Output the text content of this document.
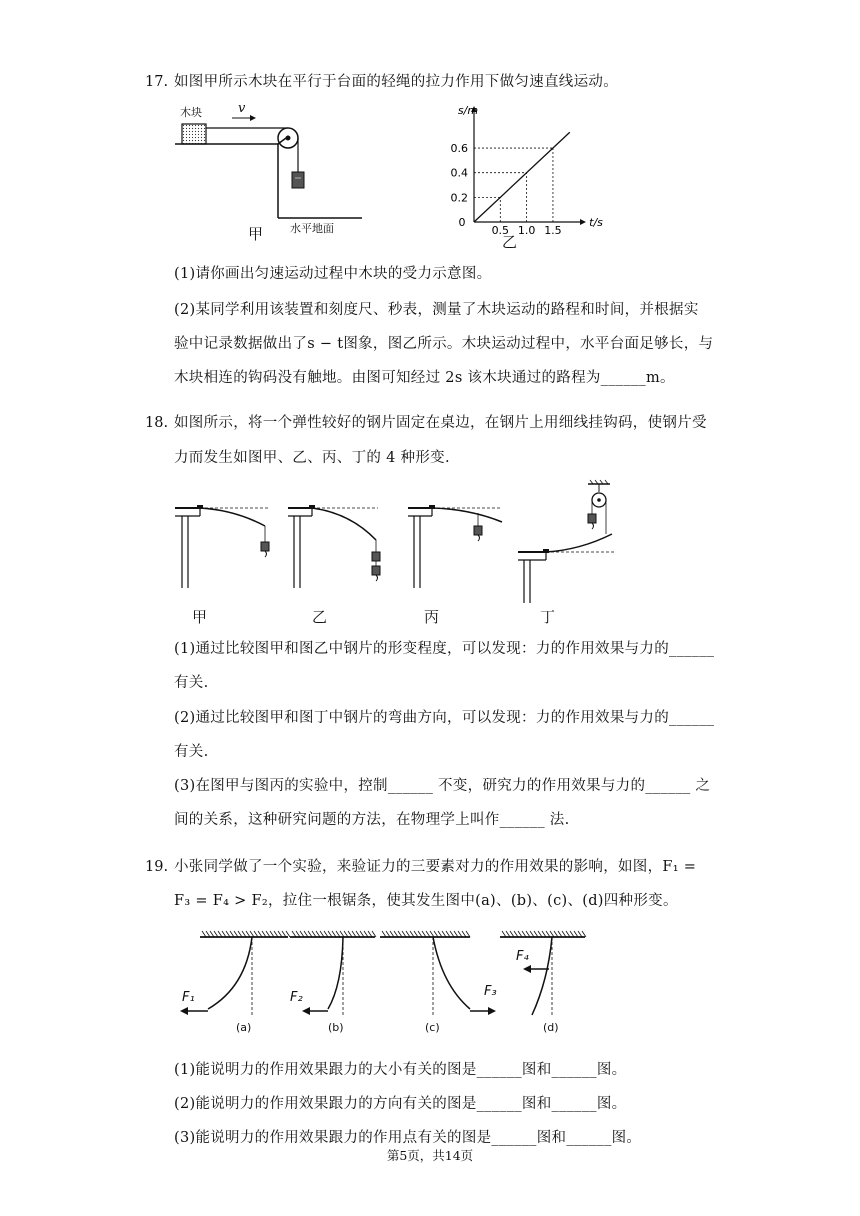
17. 如图甲所示木块在平行于台面的轻绳的拉力作用下做匀速直线运动。
木块	v
水平地面
甲
s/m
t/s
0
0.5 1.0 1.5
0.2
0.4
0.6
乙
(1)请你画出匀速运动过程中木块的受力示意图。
(2)某同学利用该装置和刻度尺、秒表，测量了木块运动的路程和时间，并根据实
验中记录数据做出了s − t图象，图乙所示。木块运动过程中，水平台面足够长，与
木块相连的钩码没有触地。由图可知经过 2s 该木块通过的路程为______m。
18. 如图所示，将一个弹性较好的钢片固定在桌边，在钢片上用细线挂钩码，使钢片受
力而发生如图甲、乙、丙、丁的 4 种形变.
甲	乙	丙	丁
(1)通过比较图甲和图乙中钢片的形变程度，可以发现：力的作用效果与力的______
有关.
(2)通过比较图甲和图丁中钢片的弯曲方向，可以发现：力的作用效果与力的______
有关.
(3)在图甲与图丙的实验中，控制______ 不变，研究力的作用效果与力的______ 之
间的关系，这种研究问题的方法，在物理学上叫作______ 法.
19. 小张同学做了一个实验，来验证力的三要素对力的作用效果的影响，如图，F₁ =
F₃ = F₄ > F₂，拉住一根锯条，使其发生图中(a)、(b)、(c)、(d)四种形变。
F₁	F₂	F₃
F₄
(a)	(b)	(c)	(d)
(1)能说明力的作用效果跟力的大小有关的图是______图和______图。
(2)能说明力的作用效果跟力的方向有关的图是______图和______图。
(3)能说明力的作用效果跟力的作用点有关的图是______图和______图。
第5页，共14页
